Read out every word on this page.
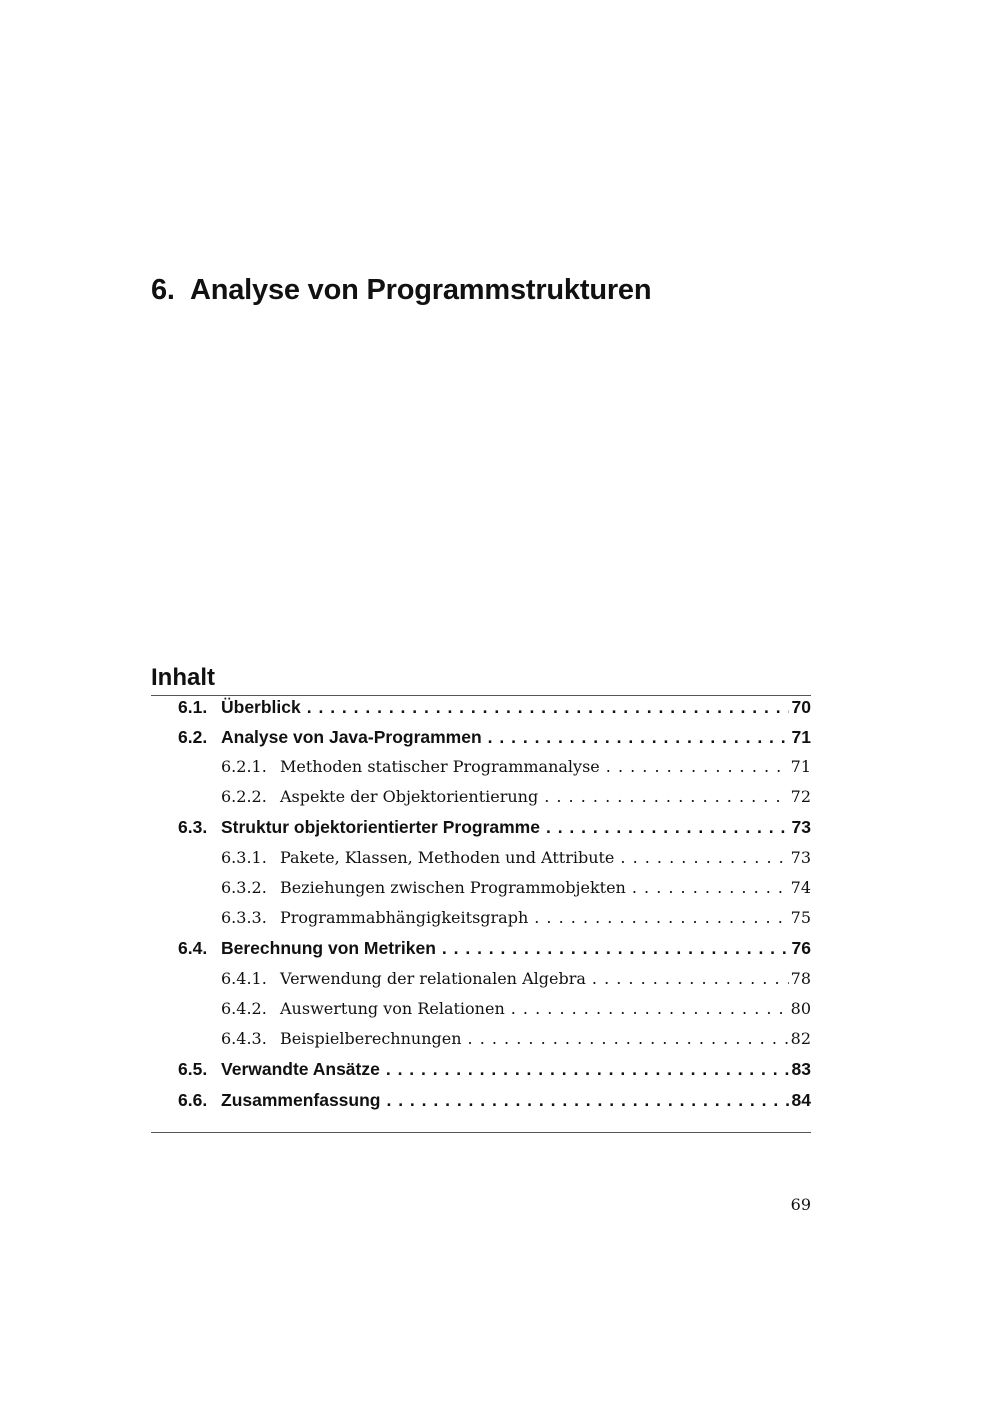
6. Analyse von Programmstrukturen
Inhalt
6.1. Überblick . . .	70
6.2. Analyse von Java-Programmen . . .	71
6.2.1. Methoden statischer Programmanalyse . . .	71
6.2.2. Aspekte der Objektorientierung . . .	72
6.3. Struktur objektorientierter Programme . . .	73
6.3.1. Pakete, Klassen, Methoden und Attribute . . .	73
6.3.2. Beziehungen zwischen Programmobjekten . . .	74
6.3.3. Programmabhängigkeitsgraph . . .	75
6.4. Berechnung von Metriken . . .	76
6.4.1. Verwendung der relationalen Algebra . . .	78
6.4.2. Auswertung von Relationen . . .	80
6.4.3. Beispielberechnungen . . .	82
6.5. Verwandte Ansätze . . .	83
6.6. Zusammenfassung . . .	84
69
